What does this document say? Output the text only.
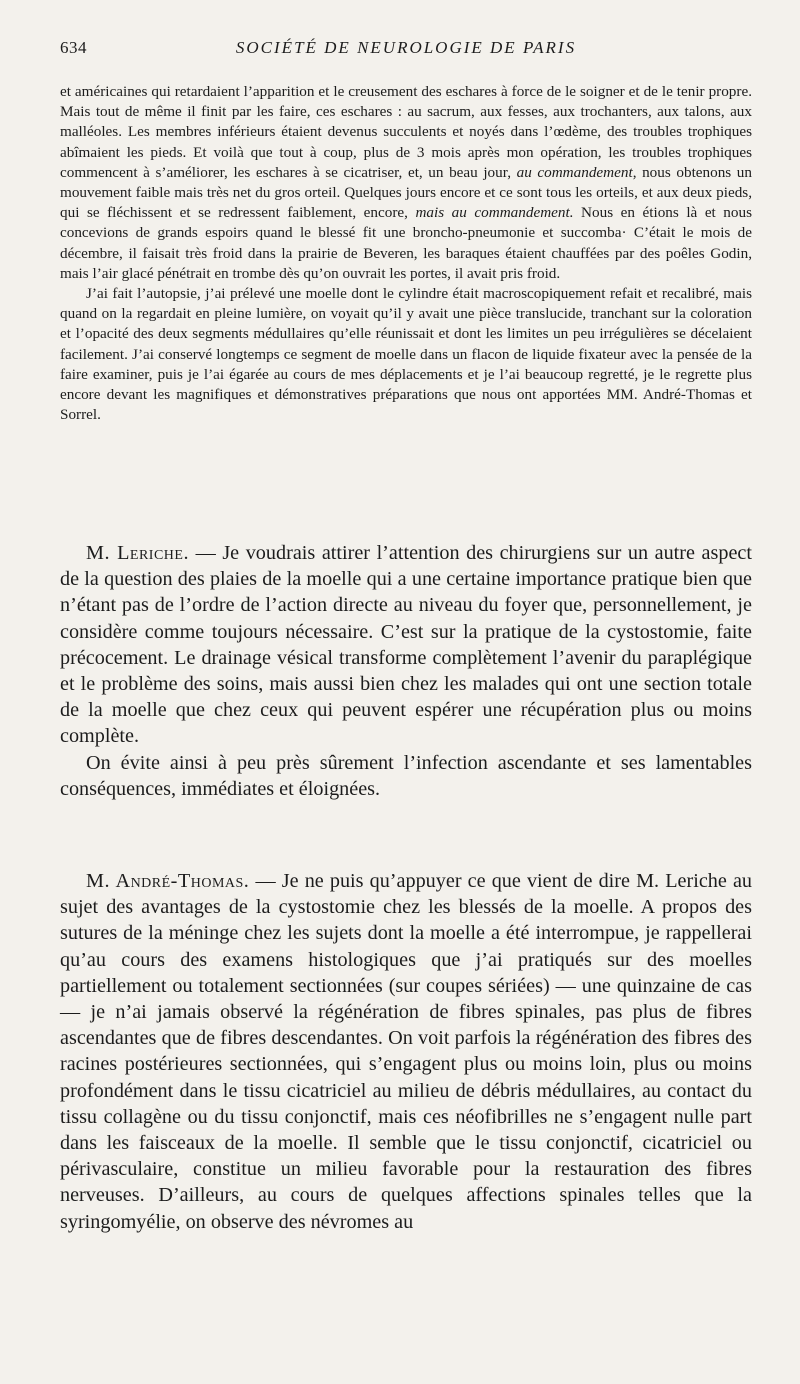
634	SOCIÉTÉ DE NEUROLOGIE DE PARIS

et américaines qui retardaient l’apparition et le creusement des eschares à force de le soigner et de le tenir propre. Mais tout de même il finit par les faire, ces eschares : au sacrum, aux fesses, aux trochanters, aux talons, aux malléoles. Les membres inférieurs étaient devenus succulents et noyés dans l’œdème, des troubles trophiques abîmaient les pieds. Et voilà que tout à coup, plus de 3 mois après mon opération, les troubles trophiques commencent à s’améliorer, les eschares à se cicatriser, et, un beau jour, au commandement, nous obtenons un mouvement faible mais très net du gros orteil. Quelques jours encore et ce sont tous les orteils, et aux deux pieds, qui se fléchissent et se redressent faiblement, encore, mais au commandement. Nous en étions là et nous concevions de grands espoirs quand le blessé fit une broncho-pneumonie et succomba· C’était le mois de décembre, il faisait très froid dans la prairie de Beveren, les baraques étaient chauffées par des poêles Godin, mais l’air glacé pénétrait en trombe dès qu’on ouvrait les portes, il avait pris froid.

J’ai fait l’autopsie, j’ai prélevé une moelle dont le cylindre était macroscopiquement refait et recalibré, mais quand on la regardait en pleine lumière, on voyait qu’il y avait une pièce translucide, tranchant sur la coloration et l’opacité des deux segments médullaires qu’elle réunissait et dont les limites un peu irrégulières se décelaient facilement. J’ai conservé longtemps ce segment de moelle dans un flacon de liquide fixateur avec la pensée de la faire examiner, puis je l’ai égarée au cours de mes déplacements et je l’ai beaucoup regretté, je le regrette plus encore devant les magnifiques et démonstratives préparations que nous ont apportées MM. André-Thomas et Sorrel.

M. Leriche. — Je voudrais attirer l’attention des chirurgiens sur un autre aspect de la question des plaies de la moelle qui a une certaine importance pratique bien que n’étant pas de l’ordre de l’action directe au niveau du foyer que, personnellement, je considère comme toujours nécessaire. C’est sur la pratique de la cystostomie, faite précocement. Le drainage vésical transforme complètement l’avenir du paraplégique et le problème des soins, mais aussi bien chez les malades qui ont une section totale de la moelle que chez ceux qui peuvent espérer une récupération plus ou moins complète.

On évite ainsi à peu près sûrement l’infection ascendante et ses lamentables conséquences, immédiates et éloignées.

M. André-Thomas. — Je ne puis qu’appuyer ce que vient de dire M. Leriche au sujet des avantages de la cystostomie chez les blessés de la moelle. A propos des sutures de la méninge chez les sujets dont la moelle a été interrompue, je rappellerai qu’au cours des examens histologiques que j’ai pratiqués sur des moelles partiellement ou totalement sectionnées (sur coupes sériées) — une quinzaine de cas — je n’ai jamais observé la régénération de fibres spinales, pas plus de fibres ascendantes que de fibres descendantes. On voit parfois la régénération des fibres des racines postérieures sectionnées, qui s’engagent plus ou moins loin, plus ou moins profondément dans le tissu cicatriciel au milieu de débris médullaires, au contact du tissu collagène ou du tissu conjonctif, mais ces néofibrilles ne s’engagent nulle part dans les faisceaux de la moelle. Il semble que le tissu conjonctif, cicatriciel ou périvasculaire, constitue un milieu favorable pour la restauration des fibres nerveuses. D’ailleurs, au cours de quelques affections spinales telles que la syringomyélie, on observe des névromes au
